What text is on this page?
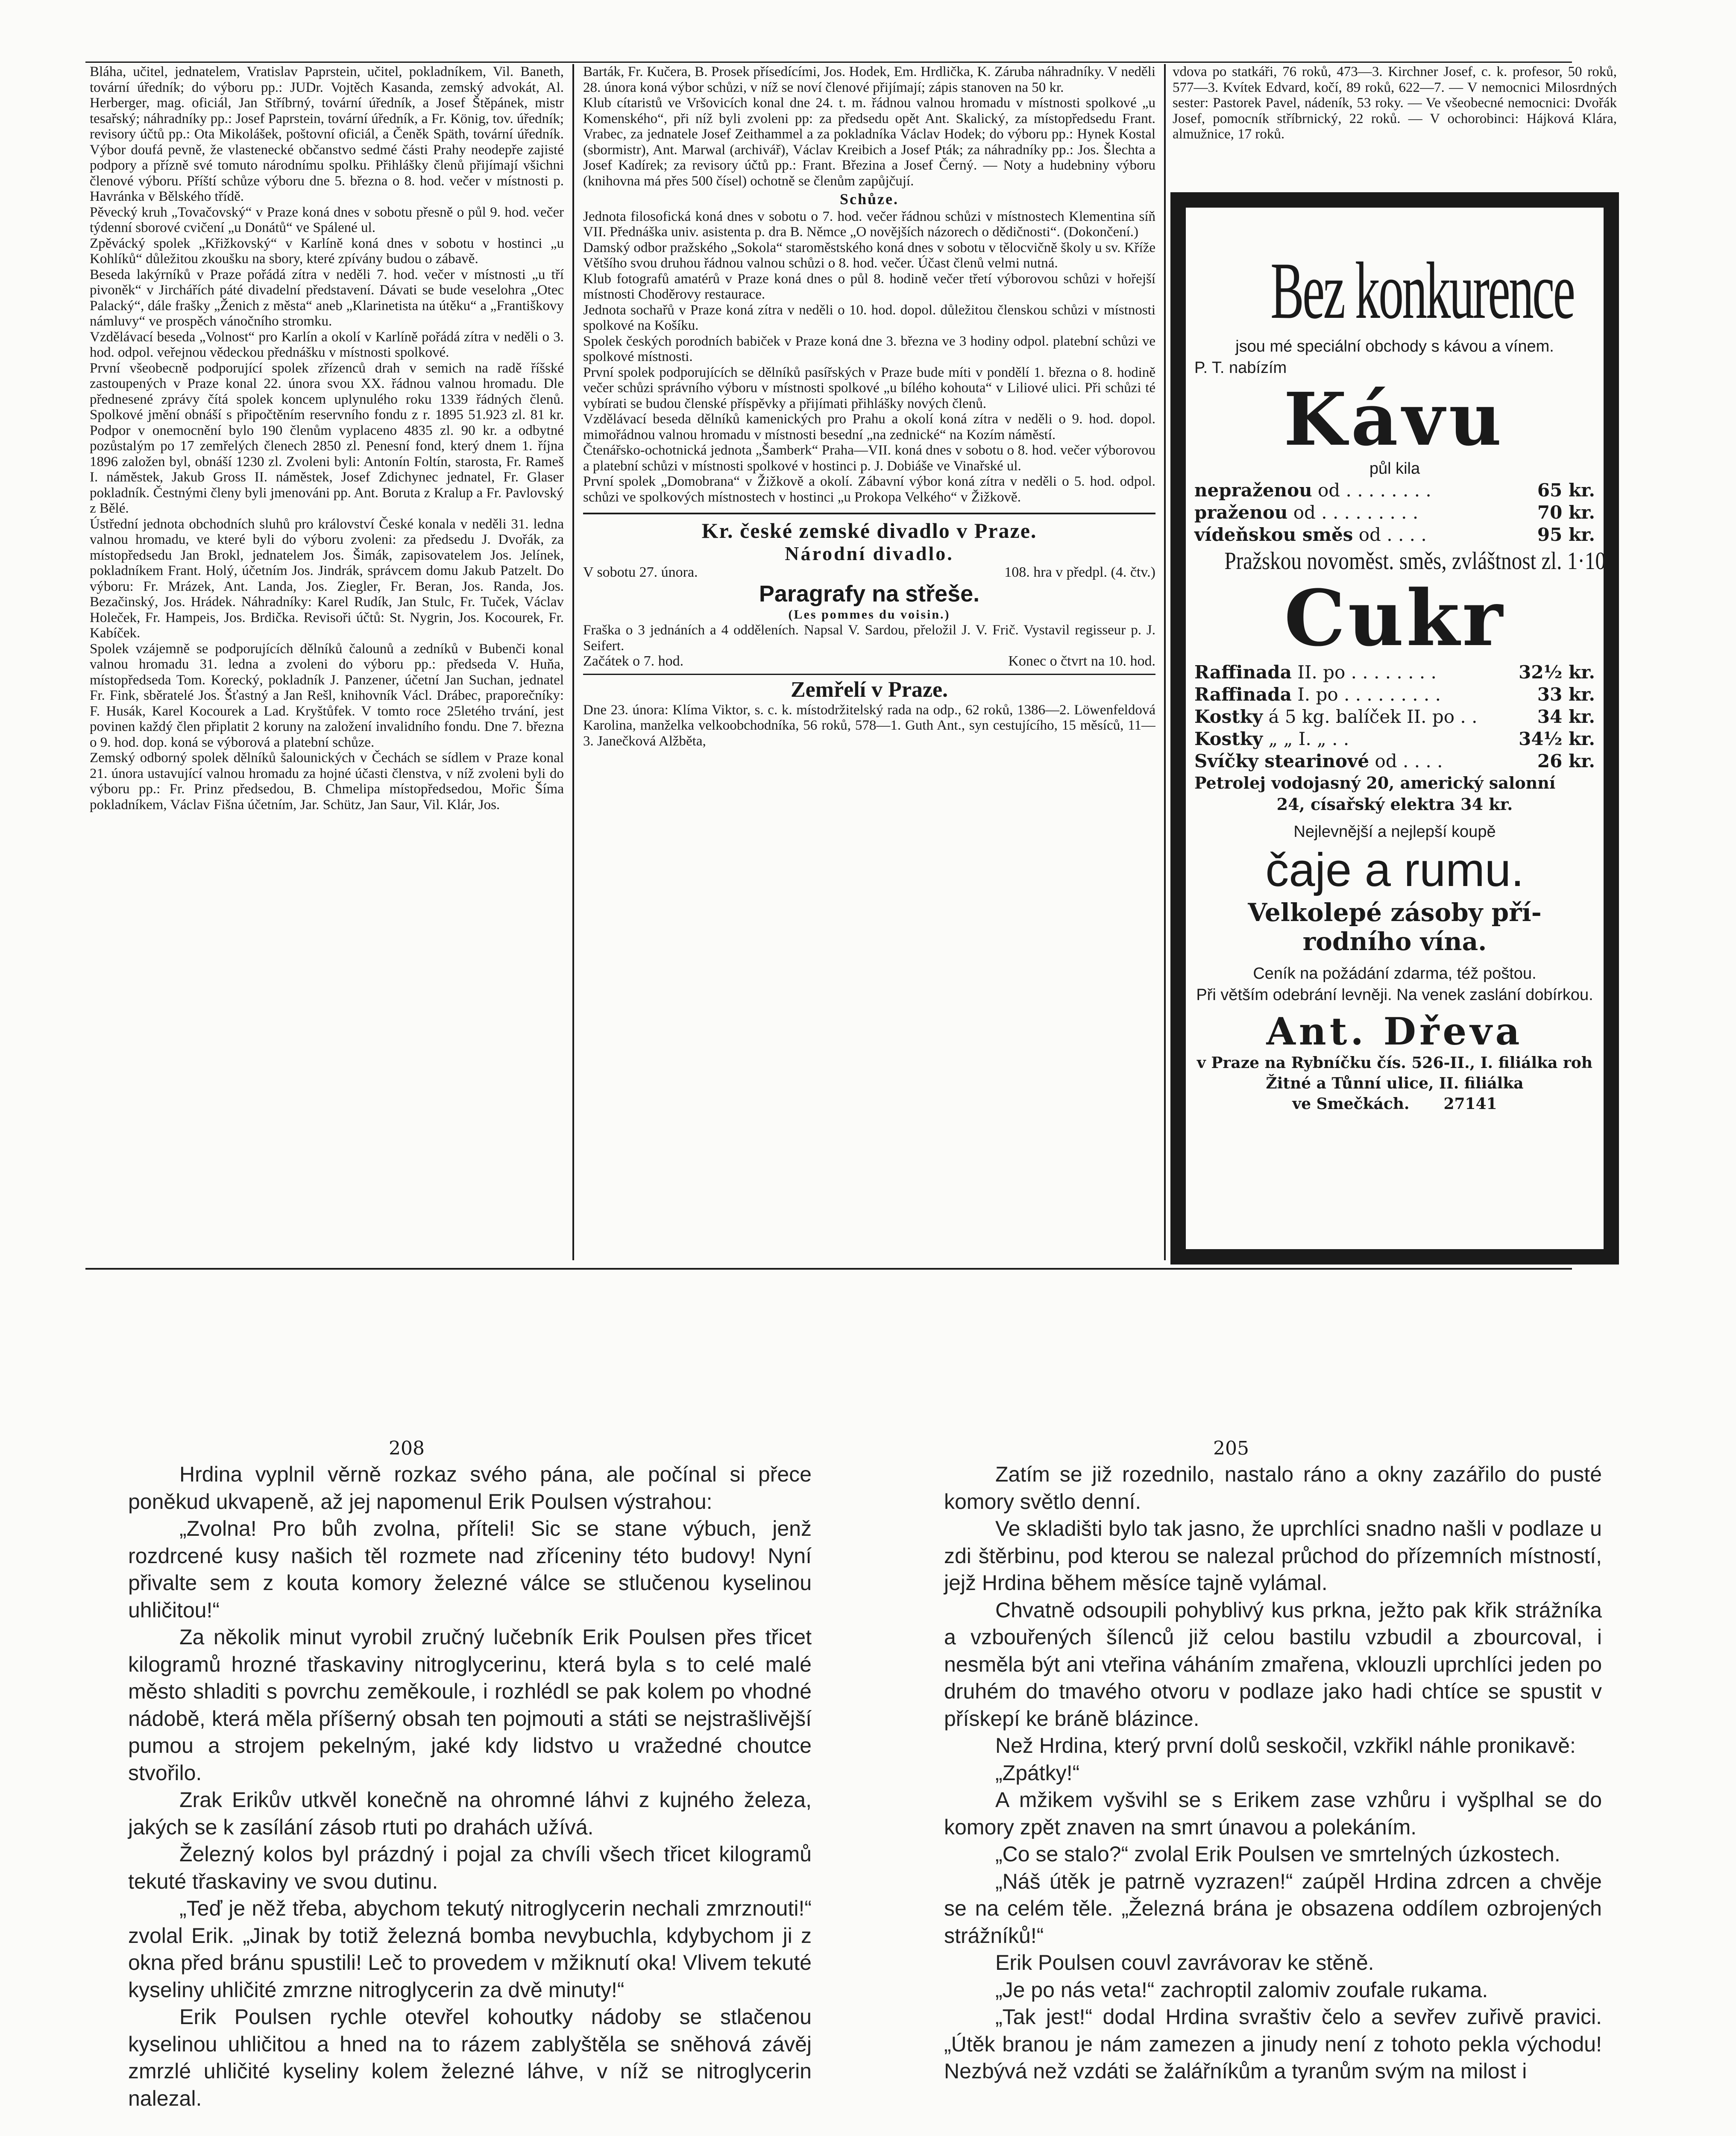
Bláha, učitel, jednatelem, Vratislav Paprstein, učitel, pokladníkem, Vil. Baneth, tovární úředník; do výboru pp.: JUDr. Vojtěch Kasanda, zemský advokát, Al. Herberger, mag. oficiál, Jan Stříbrný, tovární úředník, a Josef Štěpánek, mistr tesařský; náhradníky pp.: Josef Paprstein, tovární úředník, a Fr. König, tov. úředník; revisory účtů pp.: Ota Mikolášek, poštovní oficiál, a Čeněk Späth, tovární úředník. Výbor doufá pevně, že vlastenecké občanstvo sedmé části Prahy neodepře zajisté podpory a přízně své tomuto národnímu spolku. Přihlášky členů přijímají všichni členové výboru. Příští schůze výboru dne 5. března o 8. hod. večer v místnosti p. Havránka v Bělského třídě.

Pěvecký kruh „Tovačovský“ v Praze koná dnes v sobotu přesně o půl 9. hod. večer týdenní sborové cvičení „u Donátů“ ve Spálené ul.

Zpěvácký spolek „Křižkovský“ v Karlíně koná dnes v sobotu v hostinci „u Kohlíků“ důležitou zkoušku na sbory, které zpívány budou o zábavě.

Beseda lakýrníků v Praze pořádá zítra v neděli 7. hod. večer v místnosti „u tří pivoněk“ v Jirchářích páté divadelní představení. Dávati se bude veselohra „Otec Palacký“, dále frašky „Ženich z města“ aneb „Klarinetista na útěku“ a „Františkovy námluvy“ ve prospěch vánočního stromku.

Vzdělávací beseda „Volnost“ pro Karlín a okolí v Karlíně pořádá zítra v neděli o 3. hod. odpol. veřejnou vědeckou přednášku v místnosti spolkové.

První všeobecně podporující spolek zřízenců drah v semich na radě říšské zastoupených v Praze konal 22. února svou XX. řádnou valnou hromadu. Dle přednesené zprávy čítá spolek koncem uplynulého roku 1339 řádných členů. Spolkové jmění obnáší s připočtěním reservního fondu z r. 1895 51.923 zl. 81 kr. Podpor v onemocnění bylo 190 členům vyplaceno 4835 zl. 90 kr. a odbytné pozůstalým po 17 zemřelých členech 2850 zl. Penesní fond, který dnem 1. října 1896 založen byl, obnáší 1230 zl. Zvoleni byli: Antonín Foltín, starosta, Fr. Rameš I. náměstek, Jakub Gross II. náměstek, Josef Zdichynec jednatel, Fr. Glaser pokladník. Čestnými členy byli jmenováni pp. Ant. Boruta z Kralup a Fr. Pavlovský z Bělé.

Ústřední jednota obchodních sluhů pro království České konala v neděli 31. ledna valnou hromadu, ve které byli do výboru zvoleni: za předsedu J. Dvořák, za místopředsedu Jan Brokl, jednatelem Jos. Šimák, zapisovatelem Jos. Jelínek, pokladníkem Frant. Holý, účetním Jos. Jindrák, správcem domu Jakub Patzelt. Do výboru: Fr. Mrázek, Ant. Landa, Jos. Ziegler, Fr. Beran, Jos. Randa, Jos. Bezačinský, Jos. Hrádek. Náhradníky: Karel Rudík, Jan Stulc, Fr. Tuček, Václav Holeček, Fr. Hampeis, Jos. Brdička. Revisoři účtů: St. Nygrin, Jos. Kocourek, Fr. Kabíček.

Spolek vzájemně se podporujících dělníků čalounů a zedníků v Bubenči konal valnou hromadu 31. ledna a zvoleni do výboru pp.: předseda V. Huňa, místopředseda Tom. Korecký, pokladník J. Panzener, účetní Jan Suchan, jednatel Fr. Fink, sběratelé Jos. Šťastný a Jan Rešl, knihovník Václ. Drábec, praporečníky: F. Husák, Karel Kocourek a Lad. Kryštůfek. V tomto roce 25letého trvání, jest povinen každý člen připlatit 2 koruny na založení invalidního fondu. Dne 7. března o 9. hod. dop. koná se výborová a platební schůze.

Zemský odborný spolek dělníků šalounických v Čechách se sídlem v Praze konal 21. února ustavující valnou hromadu za hojné účasti členstva, v níž zvoleni byli do výboru pp.: Fr. Prinz předsedou, B. Chmelipa místopředsedou, Mořic Šíma pokladníkem, Václav Fišna účetním, Jar. Schütz, Jan Saur, Vil. Klár, Jos.

Barták, Fr. Kučera, B. Prosek přísedícími, Jos. Hodek, Em. Hrdlička, K. Záruba náhradníky. V neděli 28. února koná výbor schůzi, v níž se noví členové přijímají; zápis stanoven na 50 kr.

Klub cítaristů ve Vršovicích konal dne 24. t. m. řádnou valnou hromadu v místnosti spolkové „u Komenského“, při níž byli zvoleni pp: za předsedu opět Ant. Skalický, za místopředsedu Frant. Vrabec, za jednatele Josef Zeithammel a za pokladníka Václav Hodek; do výboru pp.: Hynek Kostal (sbormistr), Ant. Marwal (archivář), Václav Kreibich a Josef Pták; za náhradníky pp.: Jos. Šlechta a Josef Kadírek; za revisory účtů pp.: Frant. Březina a Josef Černý. — Noty a hudebniny výboru (knihovna má přes 500 čísel) ochotně se členům zapůjčují.

Schůze.

Jednota filosofická koná dnes v sobotu o 7. hod. večer řádnou schůzi v místnostech Klementina síň VII. Přednáška univ. asistenta p. dra B. Němce „O novějších názorech o dědičnosti“. (Dokončení.)

Damský odbor pražského „Sokola“ staroměstského koná dnes v sobotu v tělocvičně školy u sv. Kříže Většího svou druhou řádnou valnou schůzi o 8. hod. večer. Účast členů velmi nutná.

Klub fotografů amatérů v Praze koná dnes o půl 8. hodině večer třetí výborovou schůzi v hořejší místnosti Choděrovy restaurace.

Jednota sochařů v Praze koná zítra v neděli o 10. hod. dopol. důležitou členskou schůzi v místnosti spolkové na Košíku.

Spolek českých porodních babiček v Praze koná dne 3. března ve 3 hodiny odpol. platební schůzi ve spolkové místnosti.

První spolek podporujících se dělníků pasířských v Praze bude míti v pondělí 1. března o 8. hodině večer schůzi správního výboru v místnosti spolkové „u bílého kohouta“ v Liliové ulici. Při schůzi té vybírati se budou členské příspěvky a přijímati přihlášky nových členů.

Vzdělávací beseda dělníků kamenických pro Prahu a okolí koná zítra v neděli o 9. hod. dopol. mimořádnou valnou hromadu v místnosti besední „na zednické“ na Kozím náměstí.

Čtenářsko-ochotnická jednota „Šamberk“ Praha—VII. koná dnes v sobotu o 8. hod. večer výborovou a platební schůzi v místnosti spolkové v hostinci p. J. Dobiáše ve Vinařské ul.

První spolek „Domobrana“ v Žižkově a okolí. Zábavní výbor koná zítra v neděli o 5. hod. odpol. schůzi ve spolkových místnostech v hostinci „u Prokopa Velkého“ v Žižkově.

Kr. české zemské divadlo v Praze.
Národní divadlo.
V sobotu 27. února.	108. hra v předpl. (4. čtv.)
Paragrafy na střeše.
(Les pommes du voisin.)

Fraška o 3 jednáních a 4 odděleních. Napsal V. Sardou, přeložil J. V. Frič. Vystavil regisseur p. J. Seifert.

Začátek o 7. hod.	Konec o čtvrt na 10. hod.
Zemřelí v Praze.

Dne 23. února: Klíma Viktor, s. c. k. místodržitelský rada na odp., 62 roků, 1386—2. Löwenfeldová Karolina, manželka velkoobchodníka, 56 roků, 578—1. Guth Ant., syn cestujícího, 15 měsíců, 11—3. Janečková Alžběta,

vdova po statkáři, 76 roků, 473—3. Kirchner Josef, c. k. profesor, 50 roků, 577—3. Kvítek Edvard, kočí, 89 roků, 622—7. — V nemocnici Milosrdných sester: Pastorek Pavel, nádeník, 53 roky. — Ve všeobecné nemocnici: Dvořák Josef, pomocník stříbrnický, 22 roků. — V ochorobinci: Hájková Klára, almužnice, 17 roků.
Bez konkurence
jsou mé speciální obchody s kávou a vínem.
P. T. nabízím
Kávu
půl kila
nepraženou od . . . . . . . .	65 kr.
praženou od . . . . . . . . .	70 kr.
vídeňskou směs od . . . .	95 kr.
Pražskou novoměst. směs, zvláštnost zl. 1·10
Cukr
Raffinada II. po . . . . . . . .	32½ kr.
Raffinada I. po . . . . . . . . .	33 kr.
Kostky á 5 kg. balíček II. po . .	34 kr.
Kostky „ „ I. „ . .	34½ kr.
Svíčky stearinové od . . . .	26 kr.
Petrolej vodojasný 20, americký salonní
24, císařský elektra 34 kr.
Nejlevnější a nejlepší koupě
čaje a rumu.
Velkolepé zásoby pří-
rodního vína.
Ceník na požádání zdarma, též poštou.
Při větším odebrání levněji. Na venek zaslání dobírkou.
Ant. Dřeva
v Praze na Rybníčku čís. 526-II., I. filiálka roh Žitné a Tůnní ulice, II. filiálka
ve Smečkách. 27141
208	205

Hrdina vyplnil věrně rozkaz svého pána, ale počínal si přece poněkud ukvapeně, až jej napomenul Erik Poulsen výstrahou:

„Zvolna! Pro bůh zvolna, příteli! Sic se stane výbuch, jenž rozdrcené kusy našich těl rozmete nad zříceniny této budovy! Nyní přivalte sem z kouta komory železné válce se stlučenou kyselinou uhličitou!“

Za několik minut vyrobil zručný lučebník Erik Poulsen přes třicet kilogramů hrozné třaskaviny nitroglycerinu, která byla s to celé malé město shladiti s povrchu zeměkoule, i rozhlédl se pak kolem po vhodné nádobě, která měla příšerný obsah ten pojmouti a státi se nejstrašlivější pumou a strojem pekelným, jaké kdy lidstvo u vražedné choutce stvořilo.

Zrak Erikův utkvěl konečně na ohromné láhvi z kujného železa, jakých se k zasílání zásob rtuti po drahách užívá.

Železný kolos byl prázdný i pojal za chvíli všech třicet kilogramů tekuté třaskaviny ve svou dutinu.

„Teď je něž třeba, abychom tekutý nitroglycerin nechali zmrznouti!“ zvolal Erik. „Jinak by totiž železná bomba nevybuchla, kdybychom ji z okna před bránu spustili! Leč to provedem v mžiknutí oka! Vlivem tekuté kyseliny uhličité zmrzne nitroglycerin za dvě minuty!“

Erik Poulsen rychle otevřel kohoutky nádoby se stlačenou kyselinou uhličitou a hned na to rázem zablyštěla se sněhová závěj zmrzlé uhličité kyseliny kolem železné láhve, v níž se nitroglycerin nalezal.

Zatím se již rozednilo, nastalo ráno a okny zazářilo do pusté komory světlo denní.

Ve skladišti bylo tak jasno, že uprchlíci snadno našli v podlaze u zdi štěrbinu, pod kterou se nalezal průchod do přízemních místností, jejž Hrdina během měsíce tajně vylámal.

Chvatně odsoupili pohyblivý kus prkna, ježto pak křik strážníka a vzbouřených šílenců již celou bastilu vzbudil a zbourcoval, i nesměla být ani vteřina váháním zmařena, vklouzli uprchlíci jeden po druhém do tmavého otvoru v podlaze jako hadi chtíce se spustit v přískepí ke bráně blázince.

Než Hrdina, který první dolů seskočil, vzkřikl náhle pronikavě:

„Zpátky!“

A mžikem vyšvihl se s Erikem zase vzhůru i vyšplhal se do komory zpět znaven na smrt únavou a polekáním.

„Co se stalo?“ zvolal Erik Poulsen ve smrtelných úzkostech.

„Náš útěk je patrně vyzrazen!“ zaúpěl Hrdina zdrcen a chvěje se na celém těle. „Železná brána je obsazena oddílem ozbrojených strážníků!“

Erik Poulsen couvl zavrávorav ke stěně.

„Je po nás veta!“ zachroptil zalomiv zoufale rukama.

„Tak jest!“ dodal Hrdina svraštiv čelo a sevřev zuřivě pravici. „Útěk branou je nám zamezen a jinudy není z tohoto pekla východu! Nezbývá než vzdáti se žalářníkům a tyranům svým na milost i
